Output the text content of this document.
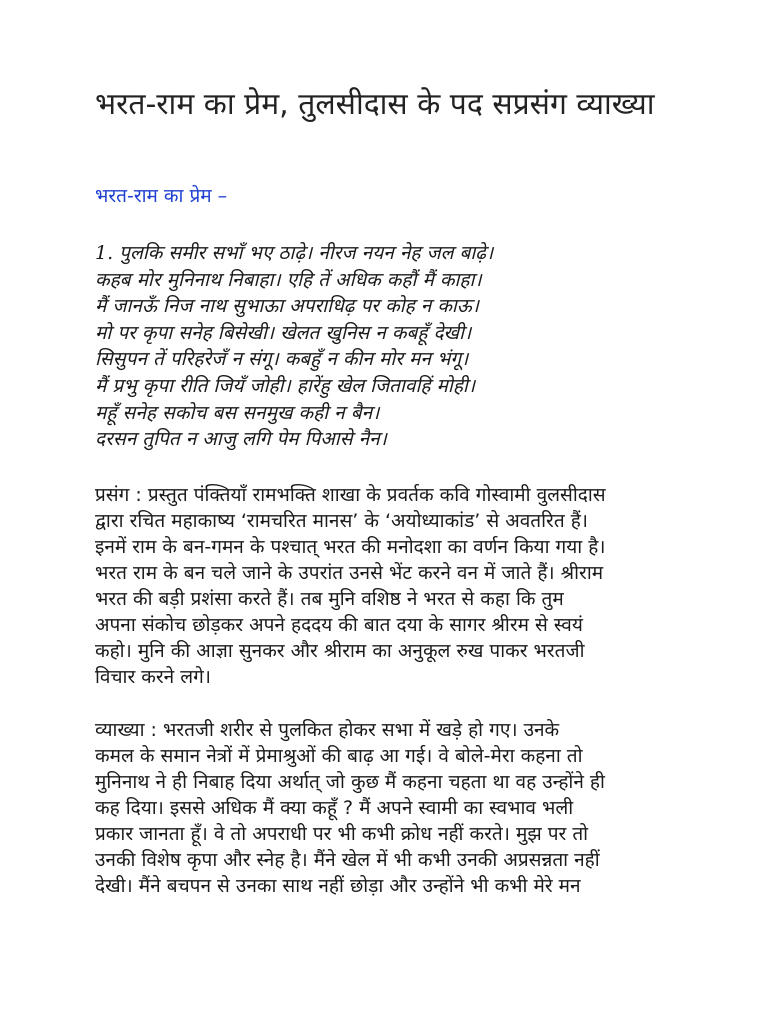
भरत-राम का प्रेम, तुलसीदास के पद सप्रसंग व्याख्या
भरत-राम का प्रेम –
1. पुलकि समीर सभाँ भए ठाढ़े। नीरज नयन नेह जल बाढ़े।
कहब मोर मुनिनाथ निबाहा। एहि तें अधिक कहौं मैं काहा।
मैं जानऊँ निज नाथ सुभाऊा अपराधिढ़ पर कोह न काऊ।
मो पर कृपा सनेह बिसेखी। खेलत खुनिस न कबहूँ देखी।
सिसुपन तें परिहरेजँ न संगू। कबहुँ न कीन मोर मन भंगू।
मैं प्रभु कृपा रीति जियँ जोही। हारेंहु खेल जितावहिं मोही।
महूँ सनेह सकोच बस सनमुख कही न बैन।
दरसन तुपित न आजु लगि पेम पिआसे नैन।
प्रसंग : प्रस्तुत पंक्तियाँ रामभक्ति शाखा के प्रवर्तक कवि गोस्वामी वुलसीदास
द्वारा रचित महाकाष्य ‘रामचरित मानस’ के ‘अयोध्याकांड’ से अवतरित हैं।
इनमें राम के बन-गमन के पश्चात् भरत की मनोदशा का वर्णन किया गया है।
भरत राम के बन चले जाने के उपरांत उनसे भेंट करने वन में जाते हैं। श्रीराम
भरत की बड़ी प्रशंसा करते हैं। तब मुनि वशिष्ठ ने भरत से कहा कि तुम
अपना संकोच छोड़कर अपने हददय की बात दया के सागर श्रीरम से स्वयं
कहो। मुनि की आज्ञा सुनकर और श्रीराम का अनुकूल रुख पाकर भरतजी
विचार करने लगे।
व्याख्या : भरतजी शरीर से पुलकित होकर सभा में खड़े हो गए। उनके
कमल के समान नेत्रों में प्रेमाश्रुओं की बाढ़ आ गई। वे बोले-मेरा कहना तो
मुनिनाथ ने ही निबाह दिया अर्थात् जो कुछ मैं कहना चहता था वह उन्होंने ही
कह दिया। इससे अधिक मैं क्या कहूँ ? मैं अपने स्वामी का स्वभाव भली
प्रकार जानता हूँ। वे तो अपराधी पर भी कभी क्रोध नहीं करते। मुझ पर तो
उनकी विशेष कृपा और स्नेह है। मैंने खेल में भी कभी उनकी अप्रसन्नता नहीं
देखी। मैंने बचपन से उनका साथ नहीं छोड़ा और उन्होंने भी कभी मेरे मन
